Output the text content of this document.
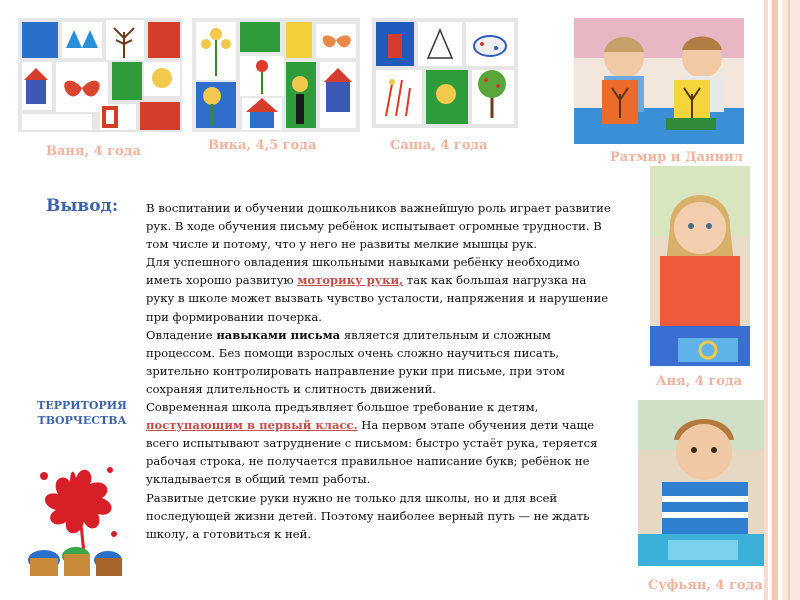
Ваня, 4 года	Вика, 4,5 года	Саша, 4 года
Ратмир и Даниил
Вывод: В воспитании и обучении дошкольников важнейшую роль играет развитие рук. В ходе обучения письму ребёнок испытывает огромные трудности. В том числе и потому, что у него не развиты мелкие мышцы рук.

Для успешного овладения школьными навыками ребёнку необходимо иметь хорошо развитую моторику руки, так как большая нагрузка на руку в школе может вызвать чувство усталости, напряжения и нарушение при формировании почерка.

Овладение навыками письма является длительным и сложным процессом. Без помощи взрослых очень сложно научиться писать, зрительно контролировать направление руки при письме, при этом сохраняя длительность и слитность движений.

Современная школа предъявляет большое требование к детям, поступающим в первый класс. На первом этапе обучения дети чаще всего испытывают затруднение с письмом: быстро устаёт рука, теряется рабочая строка, не получается правильное написание букв; ребёнок не укладывается в общий темп работы.

Развитые детские руки нужно не только для школы, но и для всей последующей жизни детей. Поэтому наиболее верный путь — не ждать школу, а готовиться к ней.

ТЕРРИТОРИЯ ТВОРЧЕСТВА
Аня, 4 года
Суфьян, 4 года
